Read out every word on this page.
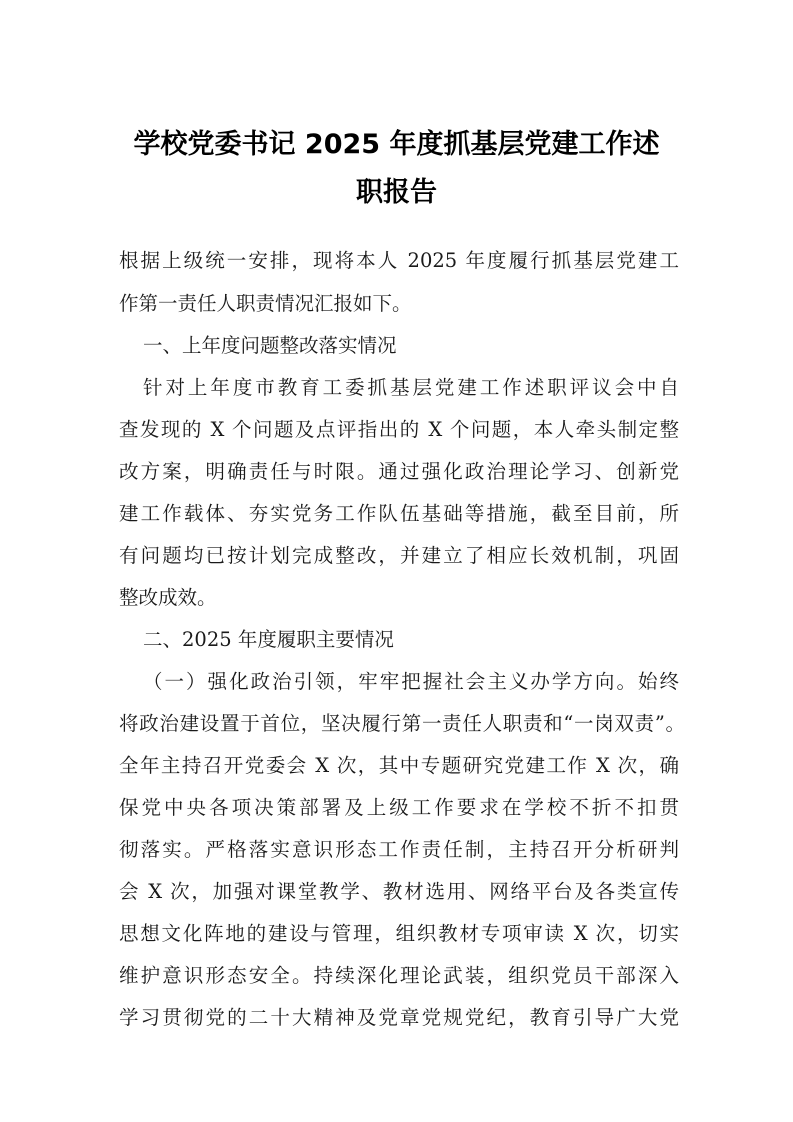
学校党委书记 2025 年度抓基层党建工作述
职报告

根据上级统一安排，现将本人 2025 年度履行抓基层党建工

作第一责任人职责情况汇报如下。

一、上年度问题整改落实情况

针对上年度市教育工委抓基层党建工作述职评议会中自

查发现的 X 个问题及点评指出的 X 个问题，本人牵头制定整

改方案，明确责任与时限。通过强化政治理论学习、创新党

建工作载体、夯实党务工作队伍基础等措施，截至目前，所

有问题均已按计划完成整改，并建立了相应长效机制，巩固

整改成效。

二、2025 年度履职主要情况

（一）强化政治引领，牢牢把握社会主义办学方向。始终

将政治建设置于首位，坚决履行第一责任人职责和“一岗双责”。

全年主持召开党委会 X 次，其中专题研究党建工作 X 次，确

保党中央各项决策部署及上级工作要求在学校不折不扣贯

彻落实。严格落实意识形态工作责任制，主持召开分析研判

会 X 次，加强对课堂教学、教材选用、网络平台及各类宣传

思想文化阵地的建设与管理，组织教材专项审读 X 次，切实

维护意识形态安全。持续深化理论武装，组织党员干部深入

学习贯彻党的二十大精神及党章党规党纪，教育引导广大党
